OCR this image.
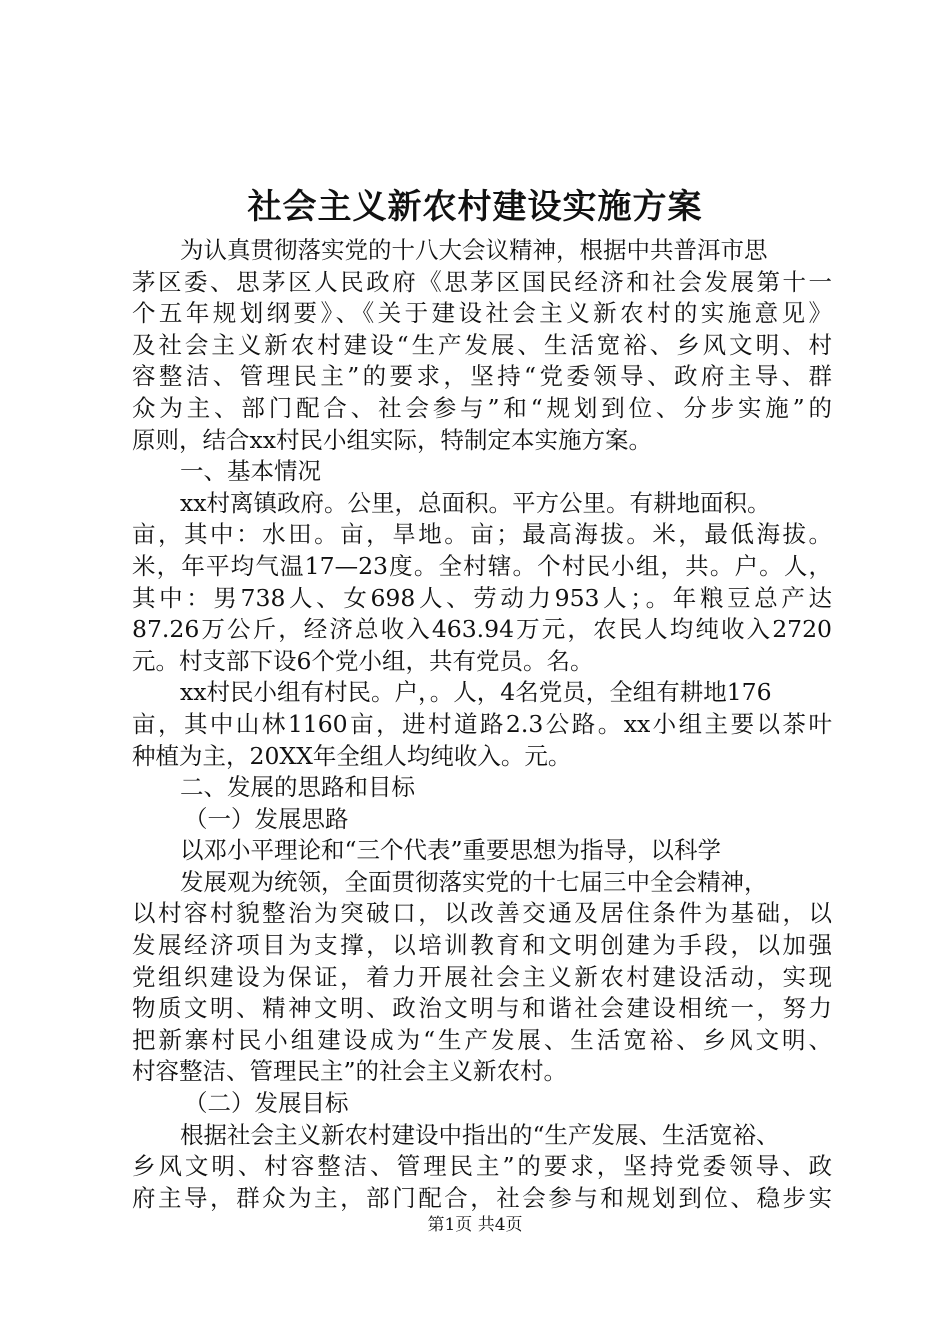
社会主义新农村建设实施方案

为认真贯彻落实党的十八大会议精神，根据中共普洱市思

茅区委、思茅区人民政府《思茅区国民经济和社会发展第十一

个五年规划纲要》、《关于建设社会主义新农村的实施意见》

及社会主义新农村建设“生产发展、生活宽裕、乡风文明、村

容整洁、管理民主”的要求，坚持“党委领导、政府主导、群

众为主、部门配合、社会参与”和“规划到位、分步实施”的

原则，结合xx村民小组实际，特制定本实施方案。

一、基本情况

xx村离镇政府。公里，总面积。平方公里。有耕地面积。

亩，其中：水田。亩，旱地。亩；最高海拔。米，最低海拔。

米，年平均气温17—23度。全村辖。个村民小组，共。户。人，

其中：男738人、女698人、劳动力953人；。年粮豆总产达

87.26万公斤，经济总收入463.94万元，农民人均纯收入2720

元。村支部下设6个党小组，共有党员。名。

xx村民小组有村民。户，。人，4名党员，全组有耕地176

亩，其中山林1160亩，进村道路2.3公路。xx小组主要以茶叶

种植为主，20XX年全组人均纯收入。元。

二、发展的思路和目标

（一）发展思路

以邓小平理论和“三个代表”重要思想为指导，以科学

发展观为统领，全面贯彻落实党的十七届三中全会精神，

以村容村貌整治为突破口，以改善交通及居住条件为基础，以

发展经济项目为支撑，以培训教育和文明创建为手段，以加强

党组织建设为保证，着力开展社会主义新农村建设活动，实现

物质文明、精神文明、政治文明与和谐社会建设相统一，努力

把新寨村民小组建设成为“生产发展、生活宽裕、乡风文明、

村容整洁、管理民主”的社会主义新农村。

（二）发展目标

根据社会主义新农村建设中指出的“生产发展、生活宽裕、

乡风文明、村容整洁、管理民主”的要求，坚持党委领导、政

府主导，群众为主，部门配合，社会参与和规划到位、稳步实

第1页 共4页
